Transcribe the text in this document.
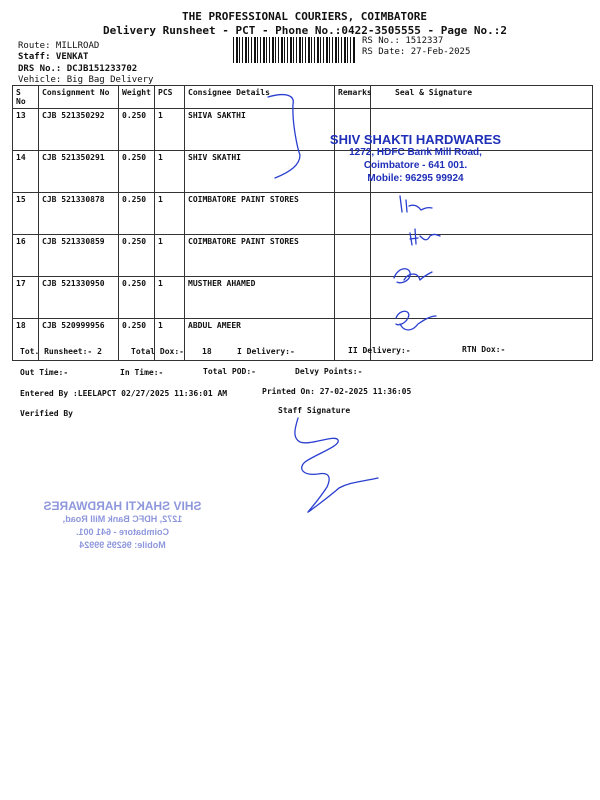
THE PROFESSIONAL COURIERS, COIMBATORE
Delivery Runsheet - PCT - Phone No.:0422-3505555 - Page No.:2
Route: MILLROAD
Staff: VENKAT
DRS No.: DCJB151233702
Vehicle: Big Bag Delivery
RS No.: 1512337
RS Date: 27-Feb-2025
S No	Consignment No	Weight	PCS	Consignee Details	Remarks	Seal & Signature
13	CJB 521350292	0.250	1	SHIVA SAKTHI		
14	CJB 521350291	0.250	1	SHIV SKATHI		
15	CJB 521330878	0.250	1	COIMBATORE PAINT STORES		
16	CJB 521330859	0.250	1	COIMBATORE PAINT STORES		
17	CJB 521330950	0.250	1	MUSTHER AHAMED		
18	CJB 520999956	0.250	1	ABDUL AMEER		
SHIV SHAKTI HARDWARES
1272, HDFC Bank Mill Road,
Coimbatore - 641 001.
Mobile: 96295 99924
SHIV SHAKTI HARDWARES
1272, HDFC Bank Mill Road,
Coimbatore - 641 001.
Mobile: 96295 99924
Tot. Runsheet:- 2	Total Dox:- 18	I Delivery:-	II Delivery:-	RTN Dox:-
Out Time:-	In Time:-	Total POD:-	Delvy Points:-
Entered By :LEELAPCT 02/27/2025 11:36:01 AM	Printed On: 27-02-2025 11:36:05
Verified By	Staff Signature
